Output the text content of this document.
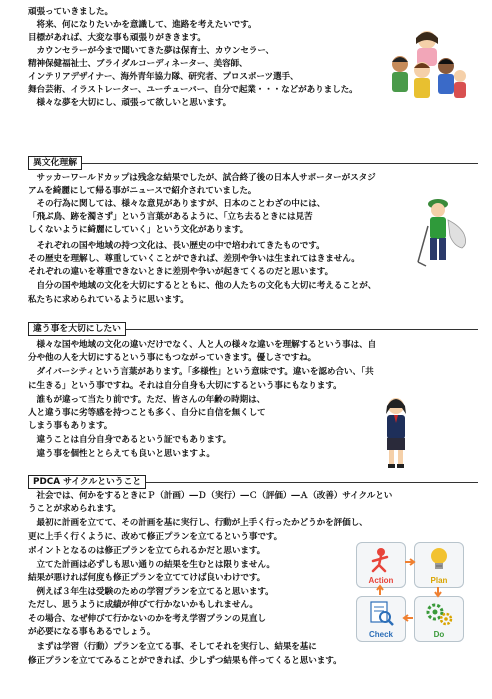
頑張っていきました。
　将来、何になりたいかを意識して、進路を考えたいです。
目標があれば、大変な事も頑張りがききます。
　カウンセラーが今まで聞いてきた夢は保育士、カウンセラー、
精神保健福祉士、ブライダルコーディネーター、美容師、
インテリアデザイナー、海外青年協力隊、研究者、プロスポーツ選手、
舞台芸術、イラストレーター、ユーチューバー、自分で起業・・・などがありました。
　様々な夢を大切にし、頑張って欲しいと思います。
異文化理解
　サッカーワールドカップは残念な結果でしたが、試合終了後の日本人サポーターがスタジ
アムを綺麗にして帰る事がニュースで紹介されていました。
　その行為に関しては、様々な意見がありますが、日本のことわざの中には、
「飛ぶ鳥、跡を濁さず」という言葉があるように、「立ち去るときには見苦
しくないように綺麗にしていく」という文化があります。
　それぞれの国や地域の持つ文化は、長い歴史の中で培われてきたものです。
その歴史を理解し、尊重していくことができれば、差別や争いは生まれてはきません。
それぞれの違いを尊重できないときに差別や争いが起きてくるのだと思います。
　自分の国や地域の文化を大切にするとともに、他の人たちの文化も大切に考えることが、
私たちに求められているように思います。
違う事を大切にしたい
　様々な国や地域の文化の違いだけでなく、人と人の様々な違いを理解するという事は、自
分や他の人を大切にするという事にもつながっていきます。優しさですね。
　ダイバーシティという言葉があります。「多様性」という意味です。違いを認め合い、「共
に生きる」という事ですね。それは自分自身も大切にするという事にもなります。
　誰もが違って当たり前です。ただ、皆さんの年齢の時期は、
人と違う事に劣等感を持つことも多く、自分に自信を無くして
しまう事もあります。
　違うことは自分自身であるという証でもあります。
　違う事を個性ととらえても良いと思いますよ。
PDCA サイクルということ
　社会では、何かをするときにＰ（計画）―Ｄ（実行）―Ｃ（評価）―Ａ（改善）サイクルとい
うことが求められます。
　最初に計画を立てて、その計画を基に実行し、行動が上手く行ったかどうかを評価し、
更に上手く行くように、改めて修正プランを立てるという事です。
ポイントとなるのは修正プランを立てられるかだと思います。
　立てた計画は必ずしも思い通りの結果を生むとは限りません。
結果が悪ければ何度も修正プランを立ててけば良いわけです。
　例えば３年生は受験のための学習プランを立てると思います。
ただし、思うように成績が伸びて行かないかもしれません。
その場合、なぜ伸びて行かないのかを考え学習プランの見直し
が必要になる事もあるでしょう。
　まずは学習（行動）プランを立てる事、そしてそれを実行し、結果を基に
修正プランを立ててみることができれば、少しずつ結果も伴ってくると思います。
Action	Plan
Check	Do
